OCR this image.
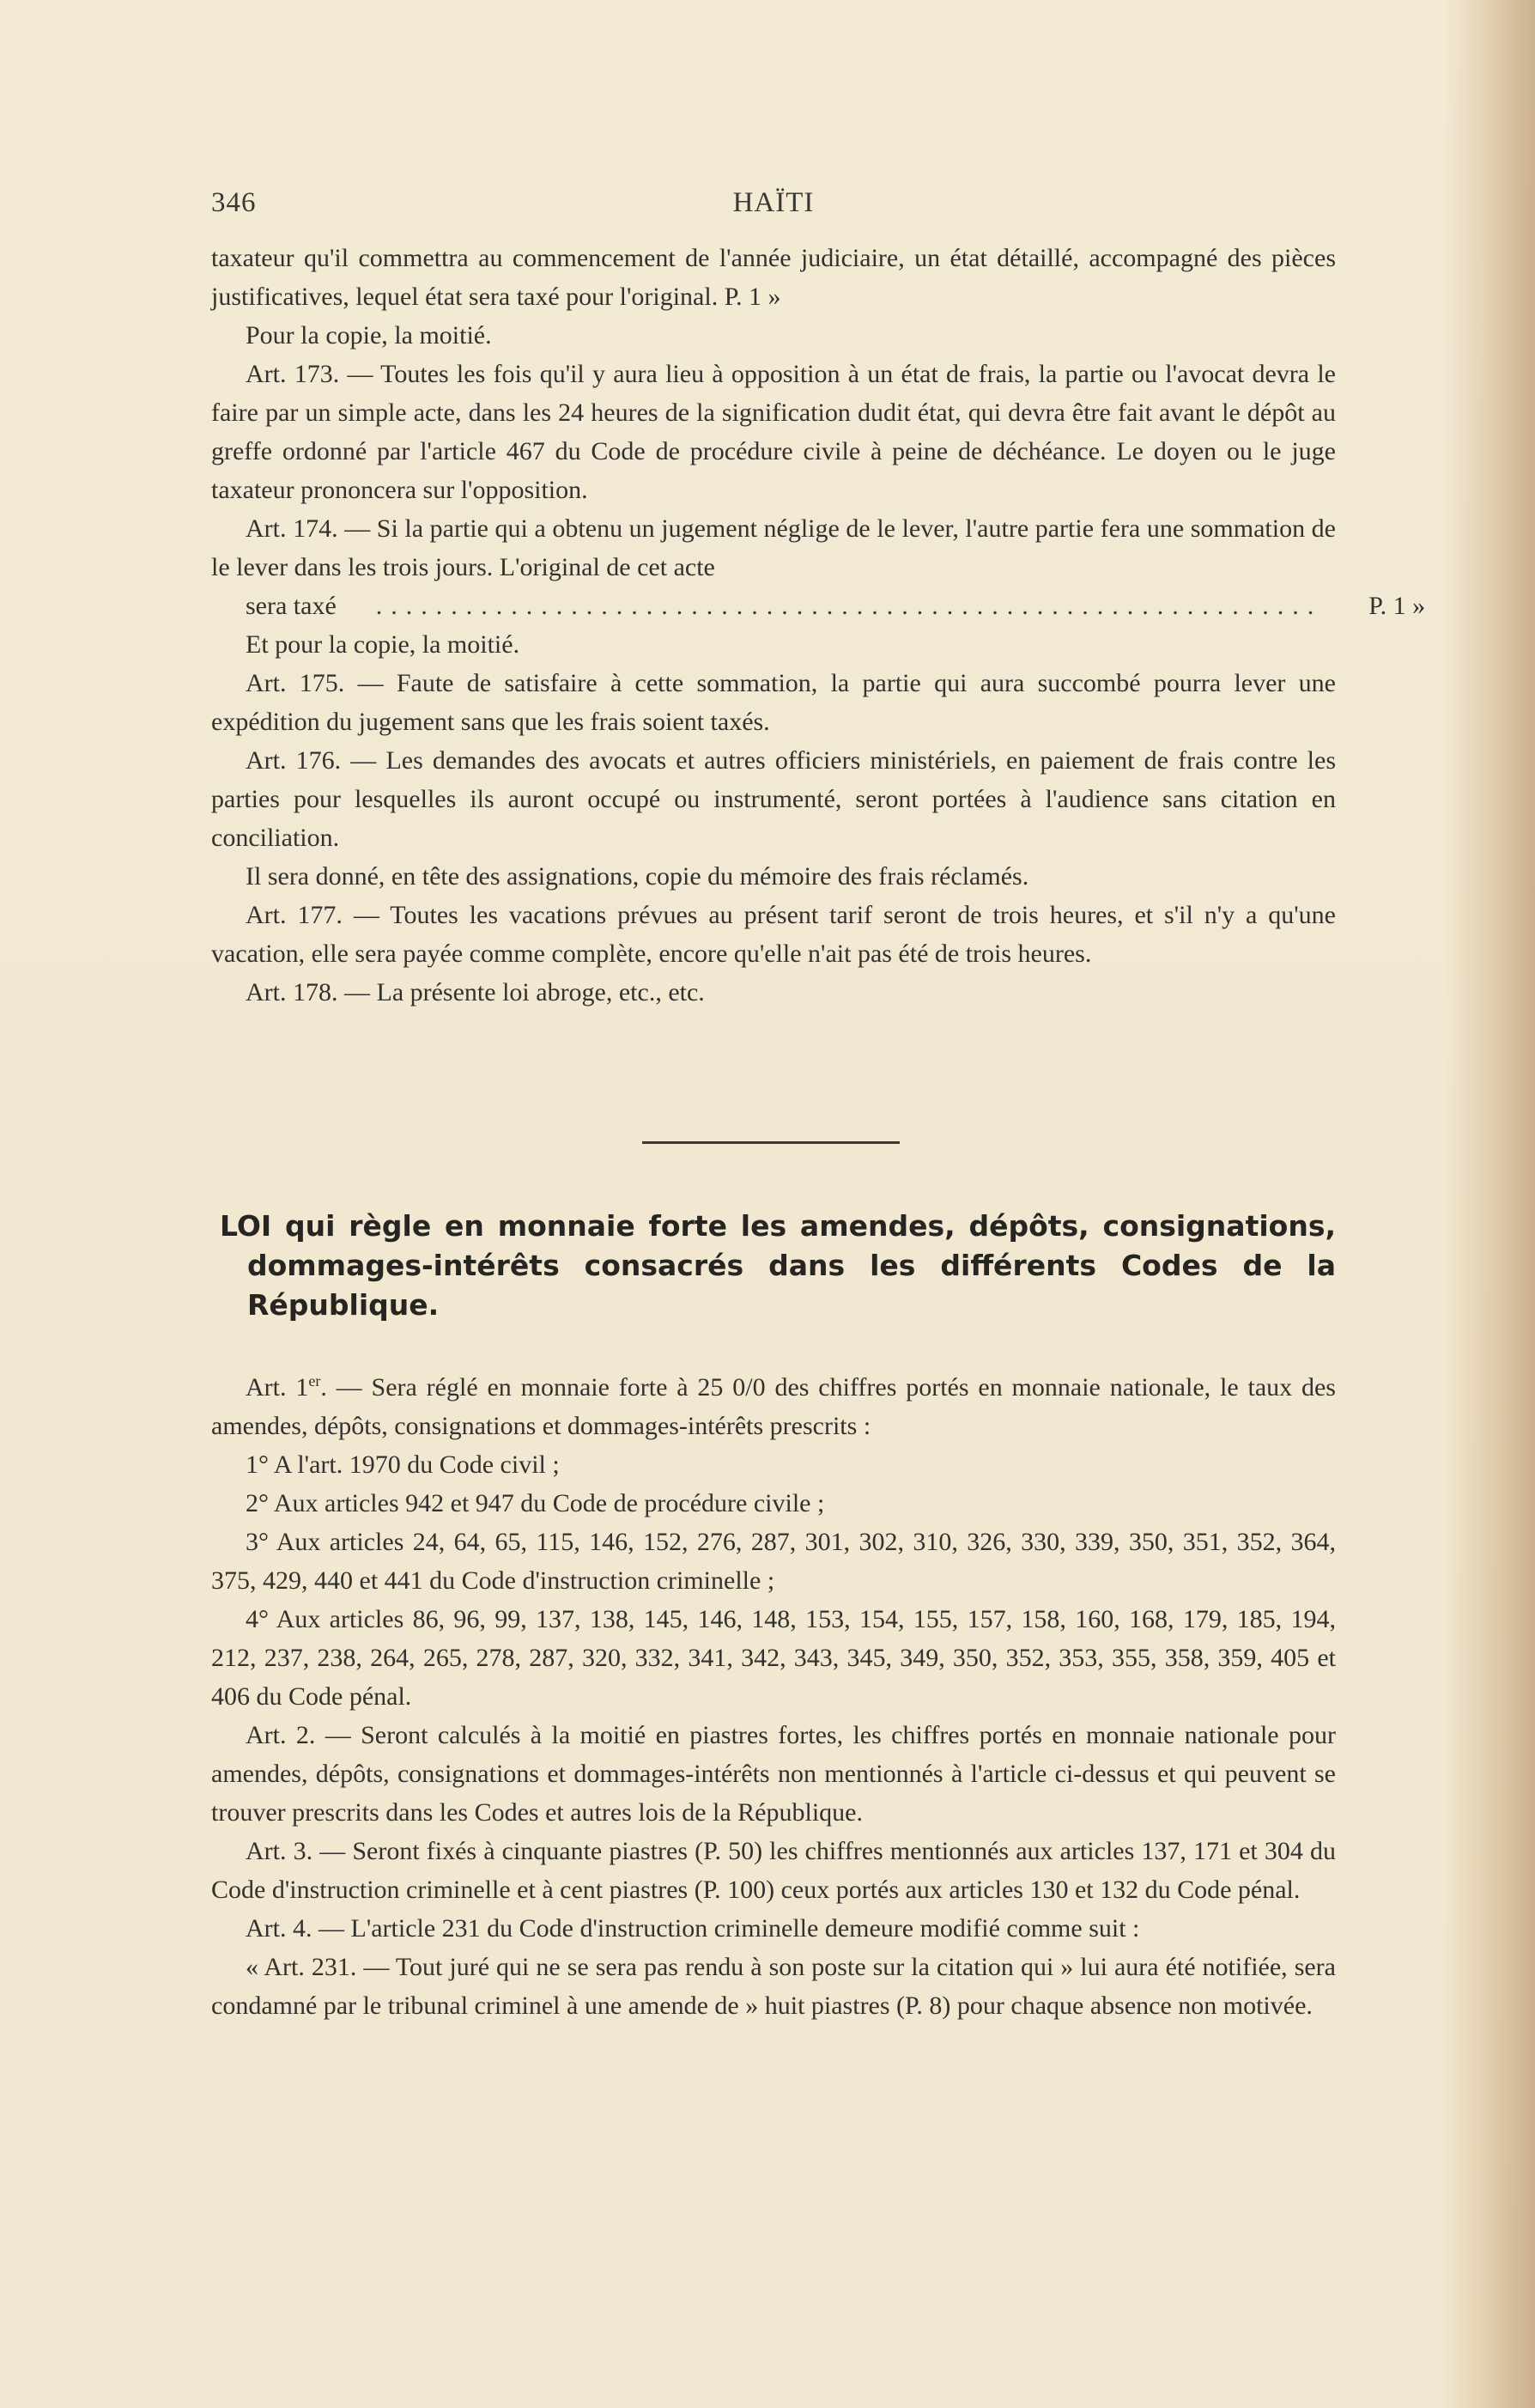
346	HAÏTI

taxateur qu'il commettra au commencement de l'année judiciaire, un état détaillé, accompagné des pièces justificatives, lequel état sera taxé pour l'original. P. 1 »

Pour la copie, la moitié.

Art. 173. — Toutes les fois qu'il y aura lieu à opposition à un état de frais, la partie ou l'avocat devra le faire par un simple acte, dans les 24 heures de la signification dudit état, qui devra être fait avant le dépôt au greffe ordonné par l'article 467 du Code de procédure civile à peine de déchéance. Le doyen ou le juge taxateur prononcera sur l'opposition.

Art. 174. — Si la partie qui a obtenu un jugement néglige de le lever, l'autre partie fera une sommation de le lever dans les trois jours. L'original de cet acte

sera taxé	...............................................................	P. 1 »

Et pour la copie, la moitié.

Art. 175. — Faute de satisfaire à cette sommation, la partie qui aura succombé pourra lever une expédition du jugement sans que les frais soient taxés.

Art. 176. — Les demandes des avocats et autres officiers ministériels, en paiement de frais contre les parties pour lesquelles ils auront occupé ou instrumenté, seront portées à l'audience sans citation en conciliation.

Il sera donné, en tête des assignations, copie du mémoire des frais réclamés.

Art. 177. — Toutes les vacations prévues au présent tarif seront de trois heures, et s'il n'y a qu'une vacation, elle sera payée comme complète, encore qu'elle n'ait pas été de trois heures.

Art. 178. — La présente loi abroge, etc., etc.

LOI qui règle en monnaie forte les amendes, dépôts, consignations, dommages-intérêts consacrés dans les différents Codes de la République.

Art. 1er. — Sera réglé en monnaie forte à 25 0/0 des chiffres portés en monnaie nationale, le taux des amendes, dépôts, consignations et dommages-intérêts prescrits :

1° A l'art. 1970 du Code civil ;

2° Aux articles 942 et 947 du Code de procédure civile ;

3° Aux articles 24, 64, 65, 115, 146, 152, 276, 287, 301, 302, 310, 326, 330, 339, 350, 351, 352, 364, 375, 429, 440 et 441 du Code d'instruction criminelle ;

4° Aux articles 86, 96, 99, 137, 138, 145, 146, 148, 153, 154, 155, 157, 158, 160, 168, 179, 185, 194, 212, 237, 238, 264, 265, 278, 287, 320, 332, 341, 342, 343, 345, 349, 350, 352, 353, 355, 358, 359, 405 et 406 du Code pénal.

Art. 2. — Seront calculés à la moitié en piastres fortes, les chiffres portés en monnaie nationale pour amendes, dépôts, consignations et dommages-intérêts non mentionnés à l'article ci-dessus et qui peuvent se trouver prescrits dans les Codes et autres lois de la République.

Art. 3. — Seront fixés à cinquante piastres (P. 50) les chiffres mentionnés aux articles 137, 171 et 304 du Code d'instruction criminelle et à cent piastres (P. 100) ceux portés aux articles 130 et 132 du Code pénal.

Art. 4. — L'article 231 du Code d'instruction criminelle demeure modifié comme suit :

« Art. 231. — Tout juré qui ne se sera pas rendu à son poste sur la citation qui » lui aura été notifiée, sera condamné par le tribunal criminel à une amende de » huit piastres (P. 8) pour chaque absence non motivée.
